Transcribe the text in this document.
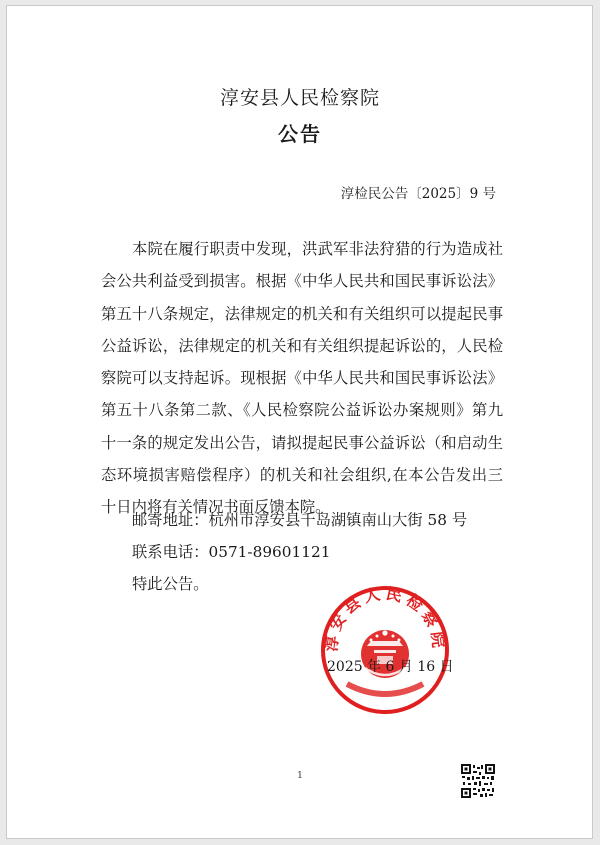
淳安县人民检察院
公告
淳检民公告〔2025〕9 号

本院在履行职责中发现，洪武军非法狩猎的行为造成社会公共利益受到损害。根据《中华人民共和国民事诉讼法》第五十八条规定，法律规定的机关和有关组织可以提起民事公益诉讼，法律规定的机关和有关组织提起诉讼的，人民检察院可以支持起诉。现根据《中华人民共和国民事诉讼法》第五十八条第二款、《人民检察院公益诉讼办案规则》第九十一条的规定发出公告，请拟提起民事公益诉讼（和启动生态环境损害赔偿程序）的机关和社会组织,在本公告发出三十日内将有关情况书面反馈本院。

邮寄地址：杭州市淳安县千岛湖镇南山大街 58 号
联系电话：0571-89601121
特此公告。
淳安县人民检察院
2025 年 6 月 16 日
1
